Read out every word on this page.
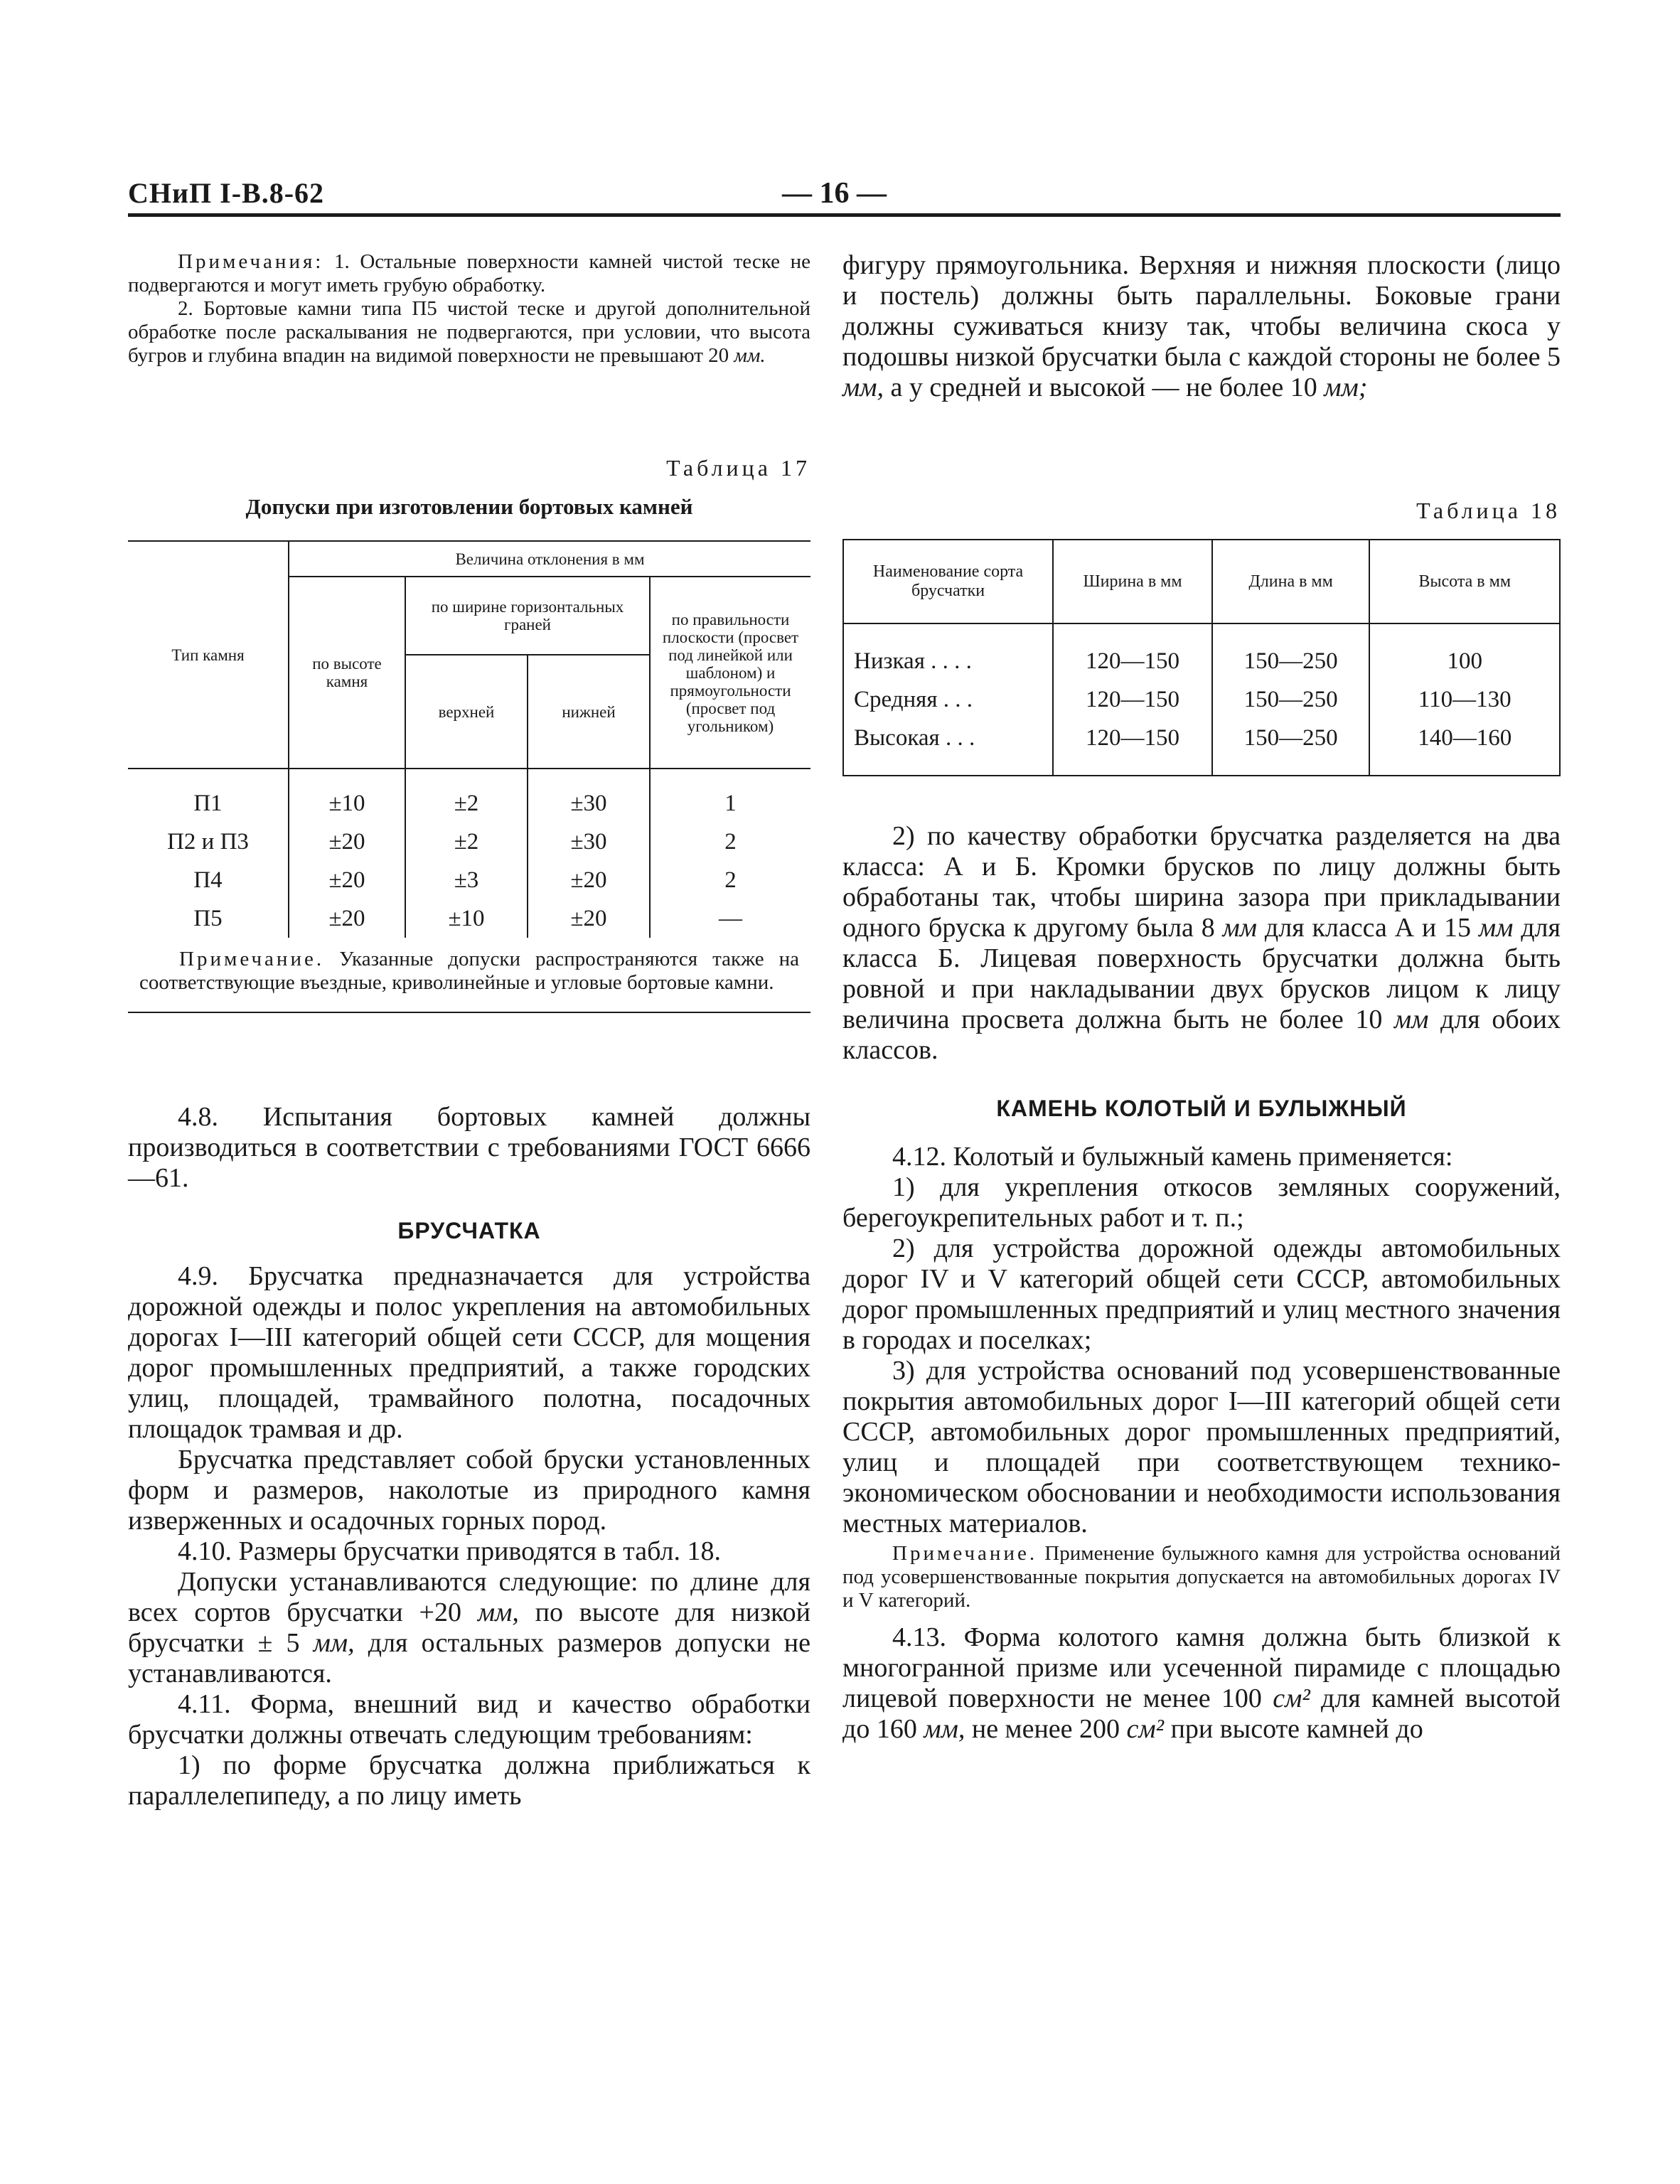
СНиП I-В.8-62	— 16 —

Примечания: 1. Остальные поверхности камней чистой теске не подвергаются и могут иметь грубую обработку.

2. Бортовые камни типа П5 чистой теске и другой дополнительной обработке после раскалывания не подвергаются, при условии, что высота бугров и глубина впадин на видимой поверхности не превышают 20 мм.

Таблица 17

Допуски при изготовлении бортовых камней

Тип камня	Величина отклонения в мм			
	по высоте камня	по ширине горизонтальных граней		по правильности плоскости (просвет под линейкой или шаблоном) и прямоугольности (просвет под угольником)
		верхней	нижней	
П1	±10	±2	±30	1
П2 и П3	±20	±2	±30	2
П4	±20	±3	±20	2
П5	±20	±10	±20	—
Примечание. Указанные допуски распространяются также на соответствующие въездные, криволинейные и угловые бортовые камни.				

4.8. Испытания бортовых камней должны производиться в соответствии с требованиями ГОСТ 6666—61.

БРУСЧАТКА

4.9. Брусчатка предназначается для устройства дорожной одежды и полос укрепления на автомобильных дорогах I—III категорий общей сети СССР, для мощения дорог промышленных предприятий, а также городских улиц, площадей, трамвайного полотна, посадочных площадок трамвая и др.

Брусчатка представляет собой бруски установленных форм и размеров, наколотые из природного камня изверженных и осадочных горных пород.

4.10. Размеры брусчатки приводятся в табл. 18.

Допуски устанавливаются следующие: по длине для всех сортов брусчатки +20 мм, по высоте для низкой брусчатки ± 5 мм, для остальных размеров допуски не устанавливаются.

4.11. Форма, внешний вид и качество обработки брусчатки должны отвечать следующим требованиям:

1) по форме брусчатка должна приближаться к параллелепипеду, а по лицу иметь

фигуру прямоугольника. Верхняя и нижняя плоскости (лицо и постель) должны быть параллельны. Боковые грани должны суживаться книзу так, чтобы величина скоса у подошвы низкой брусчатки была с каждой стороны не более 5 мм, а у средней и высокой — не более 10 мм;

Таблица 18

Наименование сорта брусчатки	Ширина в мм	Длина в мм	Высота в мм
Низкая . . . .	120—150	150—250	100
Средняя . . .	120—150	150—250	110—130
Высокая . . .	120—150	150—250	140—160

2) по качеству обработки брусчатка разделяется на два класса: А и Б. Кромки брусков по лицу должны быть обработаны так, чтобы ширина зазора при прикладывании одного бруска к другому была 8 мм для класса А и 15 мм для класса Б. Лицевая поверхность брусчатки должна быть ровной и при накладывании двух брусков лицом к лицу величина просвета должна быть не более 10 мм для обоих классов.

КАМЕНЬ КОЛОТЫЙ И БУЛЫЖНЫЙ

4.12. Колотый и булыжный камень применяется:

1) для укрепления откосов земляных сооружений, берегоукрепительных работ и т. п.;

2) для устройства дорожной одежды автомобильных дорог IV и V категорий общей сети СССР, автомобильных дорог промышленных предприятий и улиц местного значения в городах и поселках;

3) для устройства оснований под усовершенствованные покрытия автомобильных дорог I—III категорий общей сети СССР, автомобильных дорог промышленных предприятий, улиц и площадей при соответствующем технико-экономическом обосновании и необходимости использования местных материалов.

Примечание. Применение булыжного камня для устройства оснований под усовершенствованные покрытия допускается на автомобильных дорогах IV и V категорий.

4.13. Форма колотого камня должна быть близкой к многогранной призме или усеченной пирамиде с площадью лицевой поверхности не менее 100 см² для камней высотой до 160 мм, не менее 200 см² при высоте камней до
